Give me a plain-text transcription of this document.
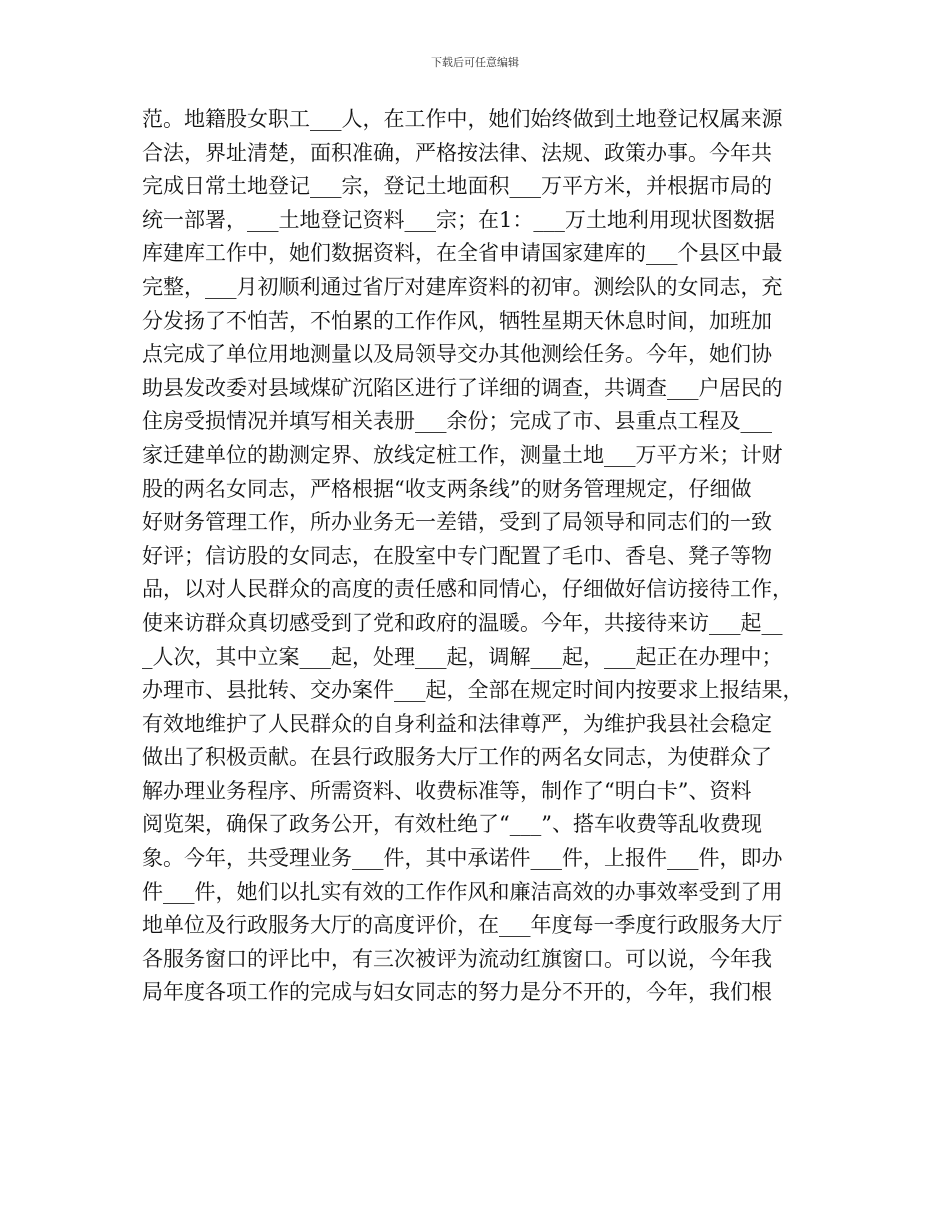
下载后可任意编辑
范。地籍股女职工___人，在工作中，她们始终做到土地登记权属来源
合法，界址清楚，面积准确，严格按法律、法规、政策办事。今年共
完成日常土地登记___宗，登记土地面积___万平方米，并根据市局的
统一部署，___土地登记资料___宗；在1：___万土地利用现状图数据
库建库工作中，她们数据资料，在全省申请国家建库的___个县区中最
完整，___月初顺利通过省厅对建库资料的初审。测绘队的女同志，充
分发扬了不怕苦，不怕累的工作作风，牺牲星期天休息时间，加班加
点完成了单位用地测量以及局领导交办其他测绘任务。今年，她们协
助县发改委对县域煤矿沉陷区进行了详细的调查，共调查___户居民的
住房受损情况并填写相关表册___余份；完成了市、县重点工程及___
家迁建单位的勘测定界、放线定桩工作，测量土地___万平方米；计财
股的两名女同志，严格根据“收支两条线”的财务管理规定，仔细做
好财务管理工作，所办业务无一差错，受到了局领导和同志们的一致
好评；信访股的女同志，在股室中专门配置了毛巾、香皂、凳子等物
品，以对人民群众的高度的责任感和同情心，仔细做好信访接待工作，
使来访群众真切感受到了党和政府的温暖。今年，共接待来访___起__
_人次，其中立案___起，处理___起，调解___起，___起正在办理中；
办理市、县批转、交办案件___起，全部在规定时间内按要求上报结果，
有效地维护了人民群众的自身利益和法律尊严，为维护我县社会稳定
做出了积极贡献。在县行政服务大厅工作的两名女同志，为使群众了
解办理业务程序、所需资料、收费标准等，制作了“明白卡”、资料
阅览架，确保了政务公开，有效杜绝了“___”、搭车收费等乱收费现
象。今年，共受理业务___件，其中承诺件___件，上报件___件，即办
件___件，她们以扎实有效的工作作风和廉洁高效的办事效率受到了用
地单位及行政服务大厅的高度评价，在___年度每一季度行政服务大厅
各服务窗口的评比中，有三次被评为流动红旗窗口。可以说，今年我
局年度各项工作的完成与妇女同志的努力是分不开的，今年，我们根
